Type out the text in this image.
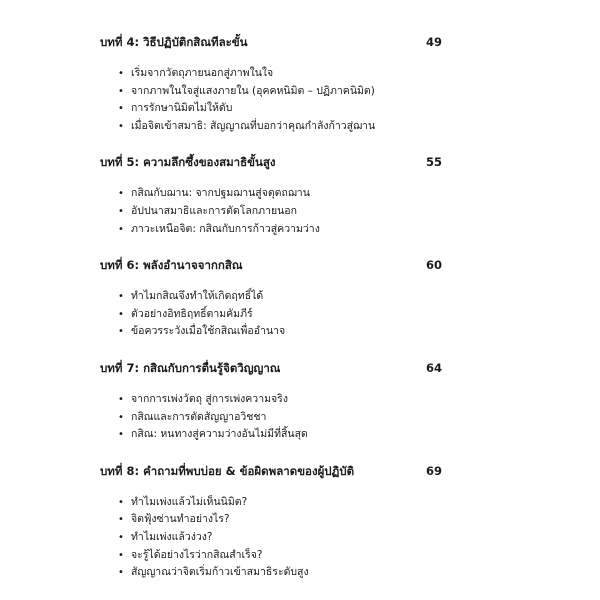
บทที่ 4: วิธีปฏิบัติกสิณทีละขั้น	49
• เริ่มจากวัตถุภายนอกสู่ภาพในใจ
• จากภาพในใจสู่แสงภายใน (อุคคหนิมิต – ปฏิภาคนิมิต)
• การรักษานิมิตไม่ให้ดับ
• เมื่อจิตเข้าสมาธิ: สัญญาณที่บอกว่าคุณกำลังก้าวสู่ฌาน
บทที่ 5: ความลึกซึ้งของสมาธิขั้นสูง	55
• กสิณกับฌาน: จากปฐมฌานสู่จตุตถฌาน
• อัปปนาสมาธิและการตัดโลกภายนอก
• ภาวะเหนือจิต: กสิณกับการก้าวสู่ความว่าง
บทที่ 6: พลังอำนาจจากกสิณ	60
• ทำไมกสิณจึงทำให้เกิดฤทธิ์ได้
• ตัวอย่างอิทธิฤทธิ์ตามคัมภีร์
• ข้อควรระวังเมื่อใช้กสิณเพื่ออำนาจ
บทที่ 7: กสิณกับการตื่นรู้จิตวิญญาณ	64
• จากการเพ่งวัตถุ สู่การเพ่งความจริง
• กสิณและการตัดสัญญาอวิชชา
• กสิณ: หนทางสู่ความว่างอันไม่มีที่สิ้นสุด
บทที่ 8: คำถามที่พบบ่อย & ข้อผิดพลาดของผู้ปฏิบัติ	69
• ทำไมเพ่งแล้วไม่เห็นนิมิต?
• จิตฟุ้งซ่านทำอย่างไร?
• ทำไมเพ่งแล้วง่วง?
• จะรู้ได้อย่างไรว่ากสิณสำเร็จ?
• สัญญาณว่าจิตเริ่มก้าวเข้าสมาธิระดับสูง
